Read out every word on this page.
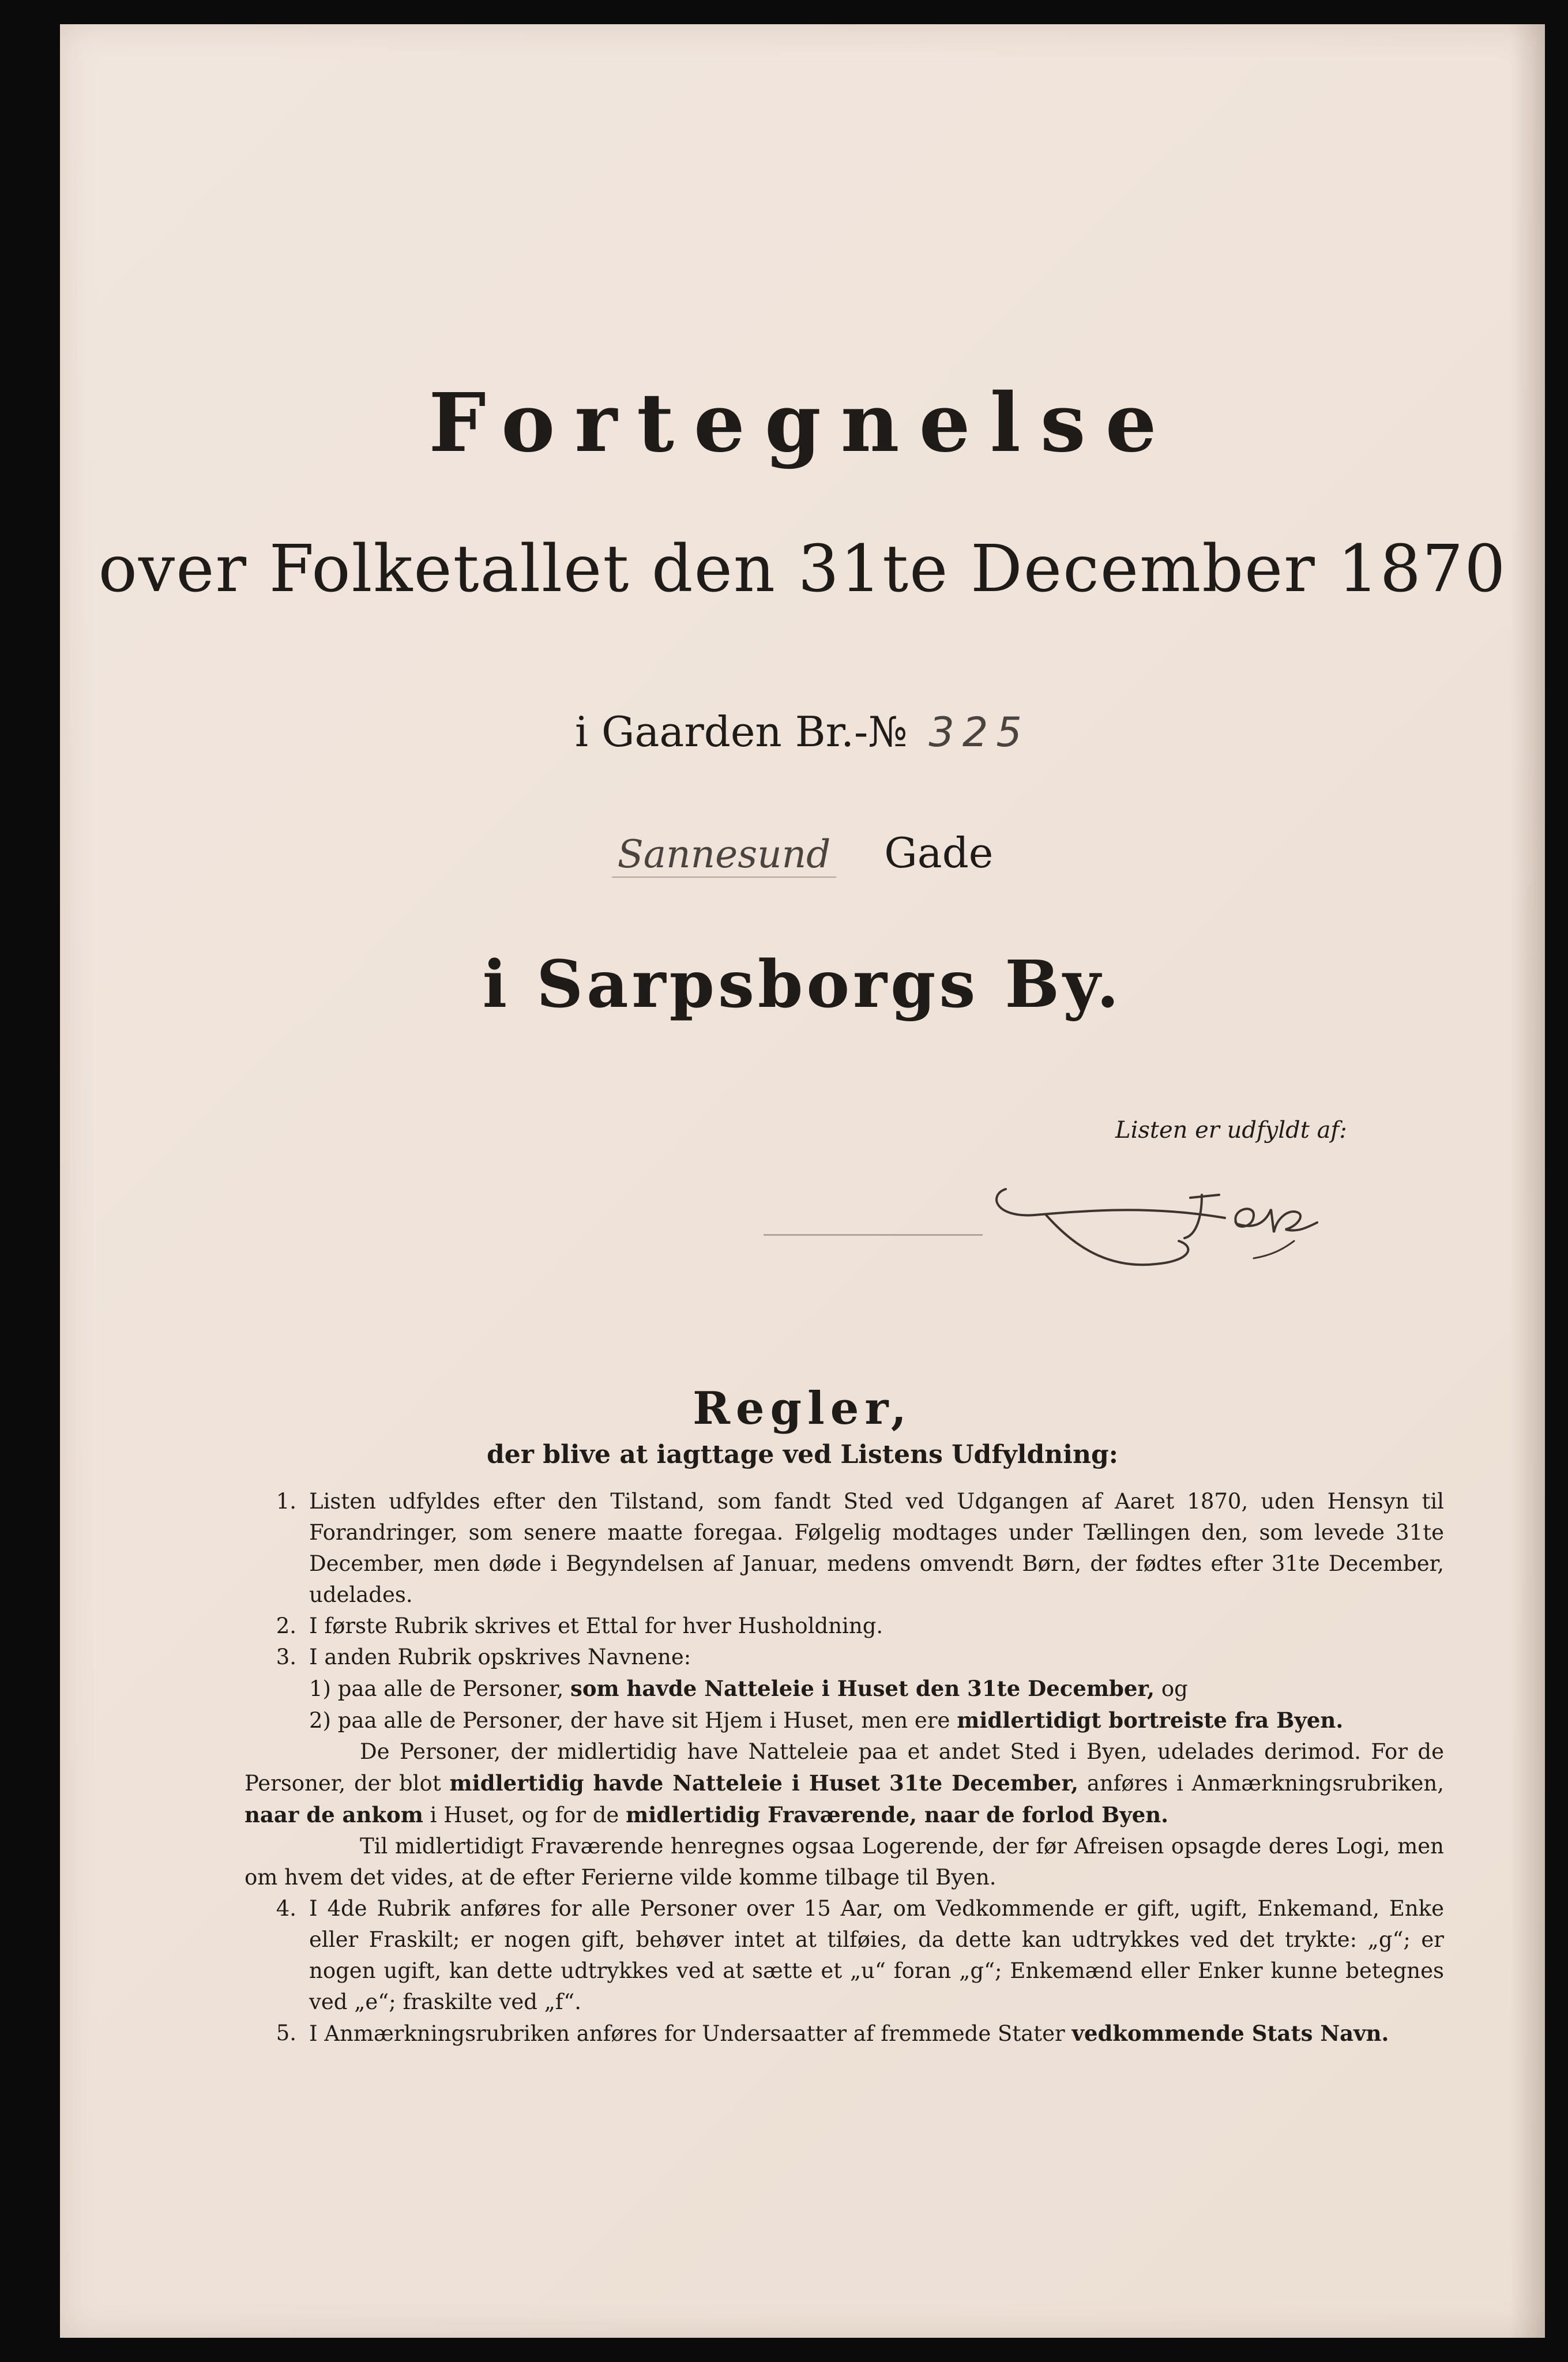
Fortegnelse
over Folketallet den 31te December 1870
i Gaarden Br.-№ 325
Sannesund Gade
i Sarpsborgs By.
Listen er udfyldt af:
Regler,
der blive at iagttage ved Listens Udfyldning:
1. Listen udfyldes efter den Tilstand, som fandt Sted ved Udgangen af Aaret 1870, uden Hensyn til Forandringer, som senere maatte foregaa. Følgelig modtages under Tællingen den, som levede 31te December, men døde i Begyndelsen af Januar, medens omvendt Børn, der fødtes efter 31te December, udelades.
2. I første Rubrik skrives et Ettal for hver Husholdning.
3. I anden Rubrik opskrives Navnene:
1) paa alle de Personer, som havde Natteleie i Huset den 31te December, og
2) paa alle de Personer, der have sit Hjem i Huset, men ere midlertidigt bortreiste fra Byen.
De Personer, der midlertidig have Natteleie paa et andet Sted i Byen, udelades derimod. For de Personer, der blot midlertidig havde Natteleie i Huset 31te December, anføres i Anmærkningsrubriken, naar de ankom i Huset, og for de midlertidig Fraværende, naar de forlod Byen.
Til midlertidigt Fraværende henregnes ogsaa Logerende, der før Afreisen opsagde deres Logi, men om hvem det vides, at de efter Ferierne vilde komme tilbage til Byen.
4. I 4de Rubrik anføres for alle Personer over 15 Aar, om Vedkommende er gift, ugift, Enkemand, Enke eller Fraskilt; er nogen gift, behøver intet at tilføies, da dette kan udtrykkes ved det trykte: „g“; er nogen ugift, kan dette udtrykkes ved at sætte et „u“ foran „g“; Enkemænd eller Enker kunne betegnes ved „e“; fraskilte ved „f“.
5. I Anmærkningsrubriken anføres for Undersaatter af fremmede Stater vedkommende Stats Navn.
